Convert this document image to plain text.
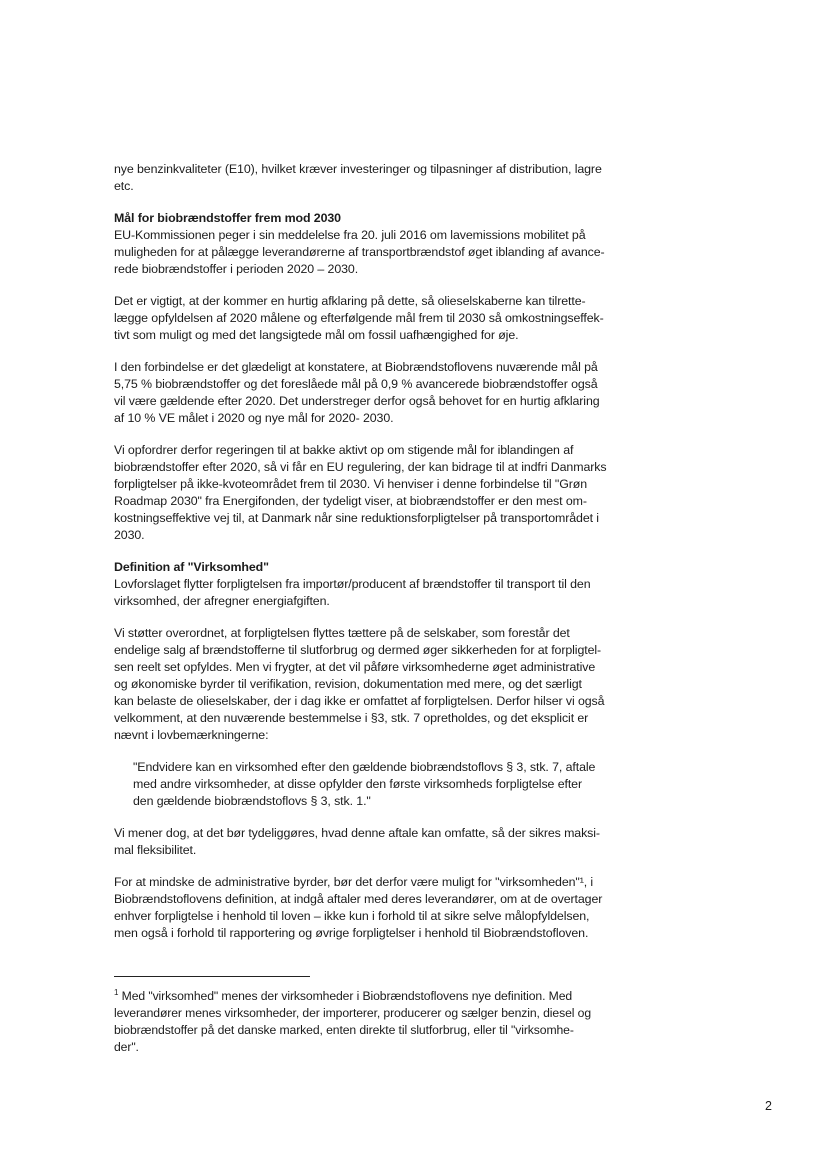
nye benzinkvaliteter (E10), hvilket kræver investeringer og tilpasninger af distribution, lagre
etc.
Mål for biobrændstoffer frem mod 2030
EU-Kommissionen peger i sin meddelelse fra 20. juli 2016 om lavemissions mobilitet på
muligheden for at pålægge leverandørerne af transportbrændstof øget iblanding af avance-
rede biobrændstoffer i perioden 2020 – 2030.
Det er vigtigt, at der kommer en hurtig afklaring på dette, så olieselskaberne kan tilrette-
lægge opfyldelsen af 2020 målene og efterfølgende mål frem til 2030 så omkostningseffek-
tivt som muligt og med det langsigtede mål om fossil uafhængighed for øje.
I den forbindelse er det glædeligt at konstatere, at Biobrændstoflovens nuværende mål på
5,75 % biobrændstoffer og det foreslåede mål på 0,9 % avancerede biobrændstoffer også
vil være gældende efter 2020. Det understreger derfor også behovet for en hurtig afklaring
af 10 % VE målet i 2020 og nye mål for 2020- 2030.
Vi opfordrer derfor regeringen til at bakke aktivt op om stigende mål for iblandingen af
biobrændstoffer efter 2020, så vi får en EU regulering, der kan bidrage til at indfri Danmarks
forpligtelser på ikke-kvoteområdet frem til 2030. Vi henviser i denne forbindelse til "Grøn
Roadmap 2030" fra Energifonden, der tydeligt viser, at biobrændstoffer er den mest om-
kostningseffektive vej til, at Danmark når sine reduktionsforpligtelser på transportområdet i
2030.
Definition af "Virksomhed"
Lovforslaget flytter forpligtelsen fra importør/producent af brændstoffer til transport til den
virksomhed, der afregner energiafgiften.
Vi støtter overordnet, at forpligtelsen flyttes tættere på de selskaber, som forestår det
endelige salg af brændstofferne til slutforbrug og dermed øger sikkerheden for at forpligtel-
sen reelt set opfyldes. Men vi frygter, at det vil påføre virksomhederne øget administrative
og økonomiske byrder til verifikation, revision, dokumentation med mere, og det særligt
kan belaste de olieselskaber, der i dag ikke er omfattet af forpligtelsen. Derfor hilser vi også
velkomment, at den nuværende bestemmelse i §3, stk. 7 opretholdes, og det eksplicit er
nævnt i lovbemærkningerne:
"Endvidere kan en virksomhed efter den gældende biobrændstoflovs § 3, stk. 7, aftale
med andre virksomheder, at disse opfylder den første virksomheds forpligtelse efter
den gældende biobrændstoflovs § 3, stk. 1."
Vi mener dog, at det bør tydeliggøres, hvad denne aftale kan omfatte, så der sikres maksi-
mal fleksibilitet.
For at mindske de administrative byrder, bør det derfor være muligt for "virksomheden"¹, i
Biobrændstoflovens definition, at indgå aftaler med deres leverandører, om at de overtager
enhver forpligtelse i henhold til loven – ikke kun i forhold til at sikre selve målopfyldelsen,
men også i forhold til rapportering og øvrige forpligtelser i henhold til Biobrændstofloven.
$^1$ Med "virksomhed" menes der virksomheder i Biobrændstoflovens nye definition. Med
leverandører menes virksomheder, der importerer, producerer og sælger benzin, diesel og
biobrændstoffer på det danske marked, enten direkte til slutforbrug, eller til "virksomhe-
der".
2
